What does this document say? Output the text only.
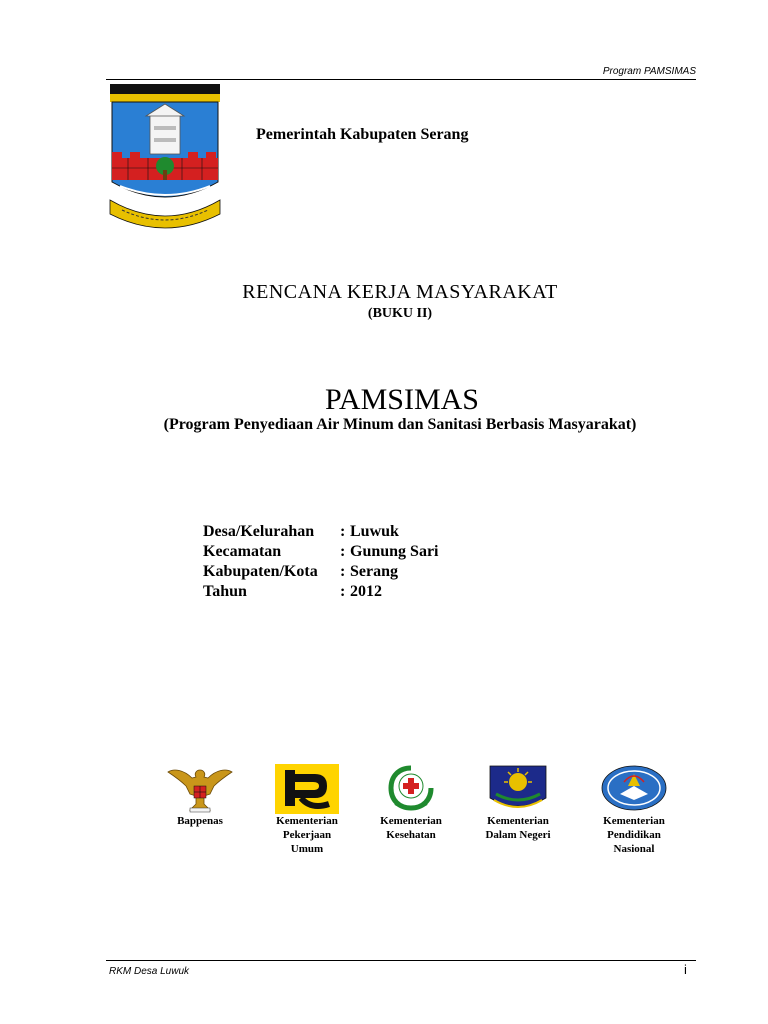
Program PAMSIMAS
Pemerintah Kabupaten Serang
RENCANA KERJA MASYARAKAT
(BUKU II)
PAMSIMAS
(Program Penyediaan Air Minum dan Sanitasi Berbasis Masyarakat)
Desa/Kelurahan	: Luwuk
Kecamatan	: Gunung Sari
Kabupaten/Kota	: Serang
Tahun	: 2012
Bappenas	Kementerian
Pekerjaan
Umum
Kementerian
Kesehatan
Kementerian
Dalam Negeri
Kementerian
Pendidikan
Nasional
RKM Desa Luwuk	i
